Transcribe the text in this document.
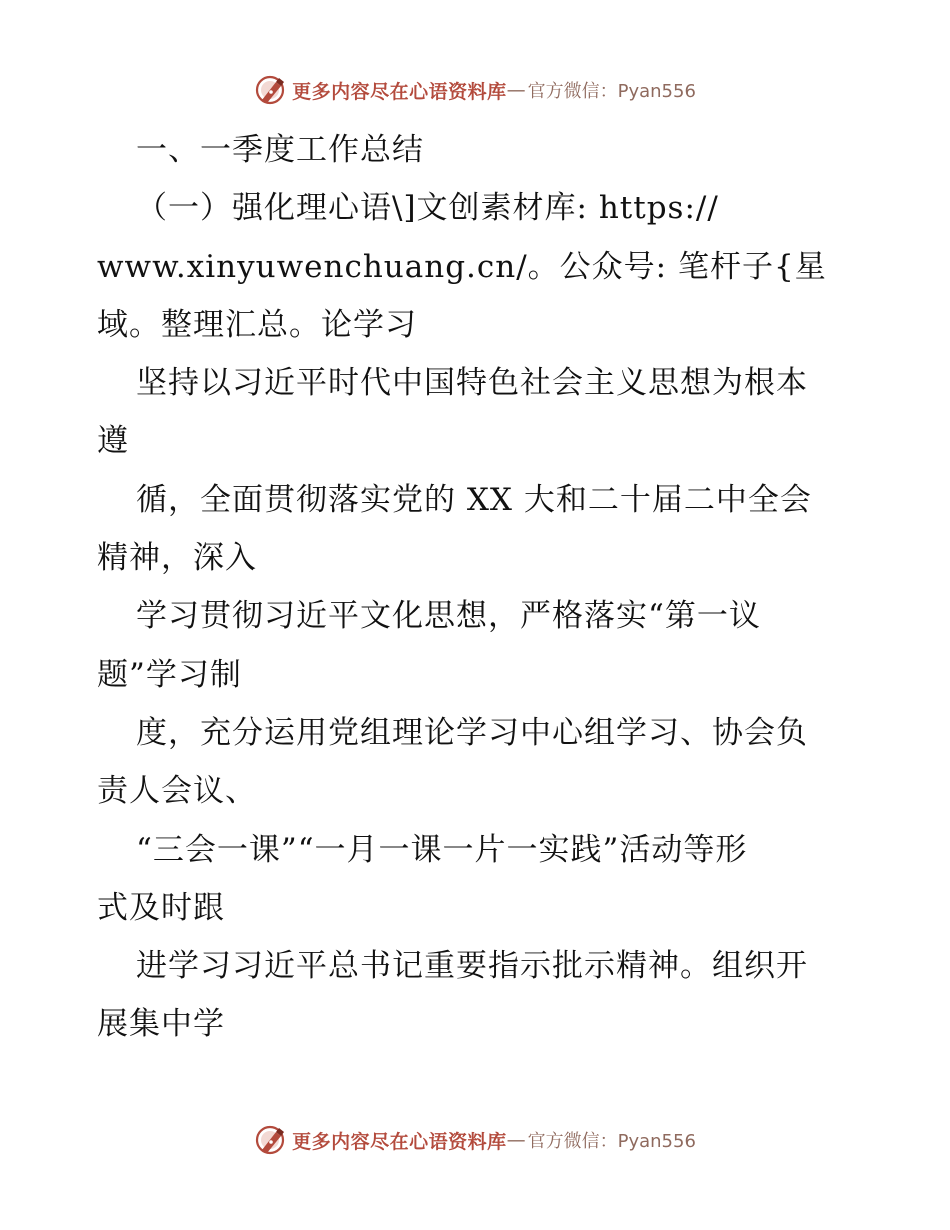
更多内容尽在心语资料库 — 官方微信：Pyan556
一、一季度工作总结
（一）强化理心语\]文创素材库: https://
www.xinyuwenchuang.cn/。公众号: 笔杆子{星
域。整理汇总。论学习
坚持以习近平时代中国特色社会主义思想为根本
遵
循，全面贯彻落实党的 XX 大和二十届二中全会
精神，深入
学习贯彻习近平文化思想，严格落实“第一议
题”学习制
度，充分运用党组理论学习中心组学习、协会负
责人会议、
“三会一课”“一月一课一片一实践”活动等形
式及时跟
进学习习近平总书记重要指示批示精神。组织开
展集中学
更多内容尽在心语资料库 — 官方微信：Pyan556
